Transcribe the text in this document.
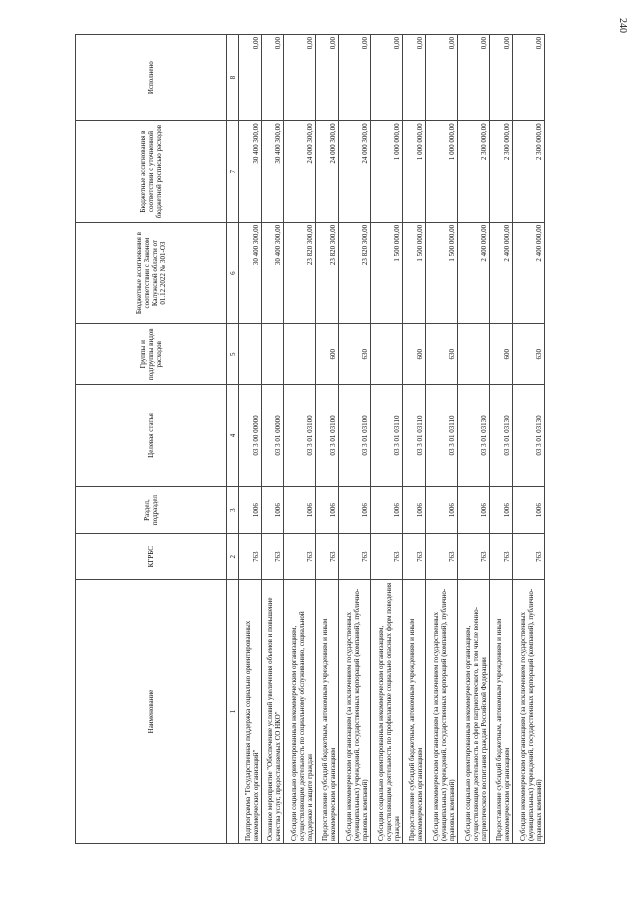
240
Наименование	КГРБС	Раздел, подраздел	Целевая статья	Группы и подгруппы видов расходов	Бюджетные ассигнования в соответствии с Законом Калужской области от 01.12.2022 № 301-ОЗ	Бюджетные ассигнования в соответствии с уточненной бюджетной росписью расходов	Исполнено
1	2	3	4	5	6	7	8
Подпрограмма "Государственная поддержка социально ориентированных некоммерческих организаций"	763	1006	03 3 00 00000		30 400 300,00	30 400 300,00	0,00
Основное мероприятие "Обеспечение условий увеличения объемов и повышение качества услуг, предоставляемых СО НКО"	763	1006	03 3 01 00000		30 400 300,00	30 400 300,00	0,00
Субсидии социально ориентированным некоммерческим организациям, осуществляющим деятельность по социальному обслуживанию, социальной поддержке и защите граждан	763	1006	03 3 01 03100		23 820 300,00	24 000 300,00	0,00
Предоставление субсидий бюджетным, автономным учреждениям и иным некоммерческим организациям	763	1006	03 3 01 03100	600	23 820 300,00	24 000 300,00	0,00
Субсидии некоммерческим организациям (за исключением государственных (муниципальных) учреждений, государственных корпораций (компаний), публично-правовых компаний)	763	1006	03 3 01 03100	630	23 820 300,00	24 000 300,00	0,00
Субсидии социально ориентированным некоммерческим организациям, осуществляющим деятельность по профилактике социально опасных форм поведения граждан	763	1006	03 3 01 03110		1 500 000,00	1 000 000,00	0,00
Предоставление субсидий бюджетным, автономным учреждениям и иным некоммерческим организациям	763	1006	03 3 01 03110	600	1 500 000,00	1 000 000,00	0,00
Субсидии некоммерческим организациям (за исключением государственных (муниципальных) учреждений, государственных корпораций (компаний), публично-правовых компаний)	763	1006	03 3 01 03110	630	1 500 000,00	1 000 000,00	0,00
Субсидии социально ориентированным некоммерческим организациям, осуществляющим деятельность в сфере патриотического, в том числе военно-патриотического воспитания граждан Российской Федерации	763	1006	03 3 01 03130		2 400 000,00	2 300 000,00	0,00
Предоставление субсидий бюджетным, автономным учреждениям и иным некоммерческим организациям	763	1006	03 3 01 03130	600	2 400 000,00	2 300 000,00	0,00
Субсидии некоммерческим организациям (за исключением государственных (муниципальных) учреждений, государственных корпораций (компаний), публично-правовых компаний)	763	1006	03 3 01 03130	630	2 400 000,00	2 300 000,00	0,00
